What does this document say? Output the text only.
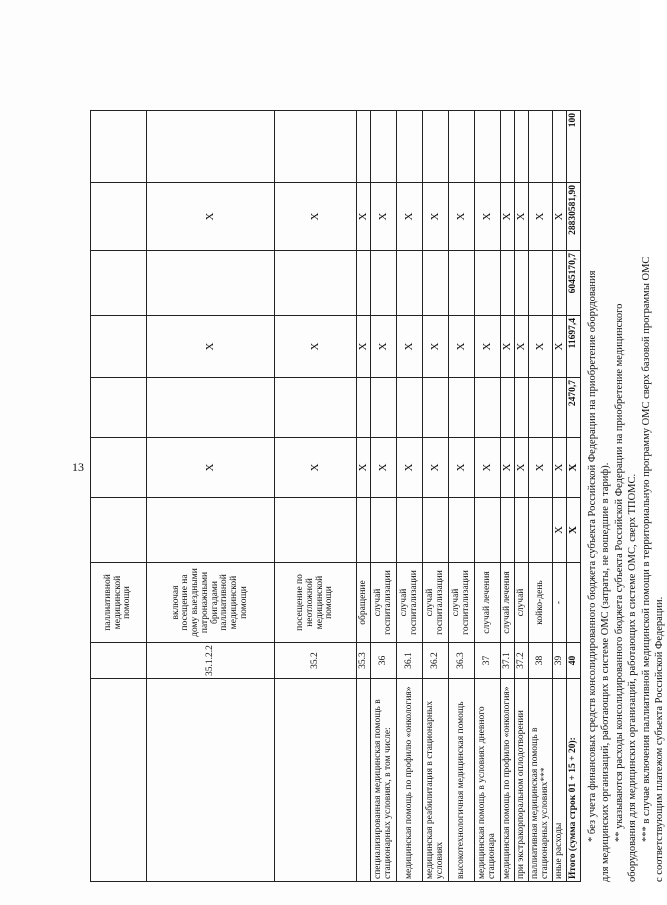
13
		паллиативной медицинской помощи							
	35.1.2.2	включая посещение на дому выездными патронажными бригадами паллиативной медицинской помощи		X		X		X	
	35.2	посещение по неотложной медицинской помощи		X		X		X	
	35.3	обращение		X		X		X	
специализированная медицинская помощь в стационарных условиях, в том числе:	36	случай госпитализации		X		X		X	
медицинская помощь по профилю «онкология»	36.1	случай госпитализации		X		X		X	
медицинская реабилитация в стационарных условиях	36.2	случай госпитализации		X		X		X	
высокотехнологичная медицинская помощь	36.3	случай госпитализации		X		X		X	
медицинская помощь в условиях дневного стационара	37	случай лечения		X		X		X	
медицинская помощь по профилю «онкология»	37.1	случай лечения		X		X		X	
при экстракорпоральном оплодотворении	37.2	случай		X		X		X	
паллиативная медицинская помощь в стационарных условиях***	38	койко-день		X		X		X	
иные расходы	39	-	X	X		X		X	
Итого (сумма строк 01 + 15 + 20):	40		X	X	2470,7	11697,4	6045170,7	28830581,90	100
* без учета финансовых средств консолидированного бюджета субъекта Российской Федерации на приобретение оборудования для медицинских организаций, работающих в системе ОМС (затраты, не вошедшие в тариф). ** указываются расходы консолидированного бюджета субъекта Российской Федерации на приобретение медицинского оборудования для медицинских организаций, работающих в системе ОМС, сверх ТПОМС. *** в случае включения паллиативной медицинской помощи в территориальную программу ОМС сверх базовой программы ОМС с соответствующим платежом субъекта Российской Федерации.
